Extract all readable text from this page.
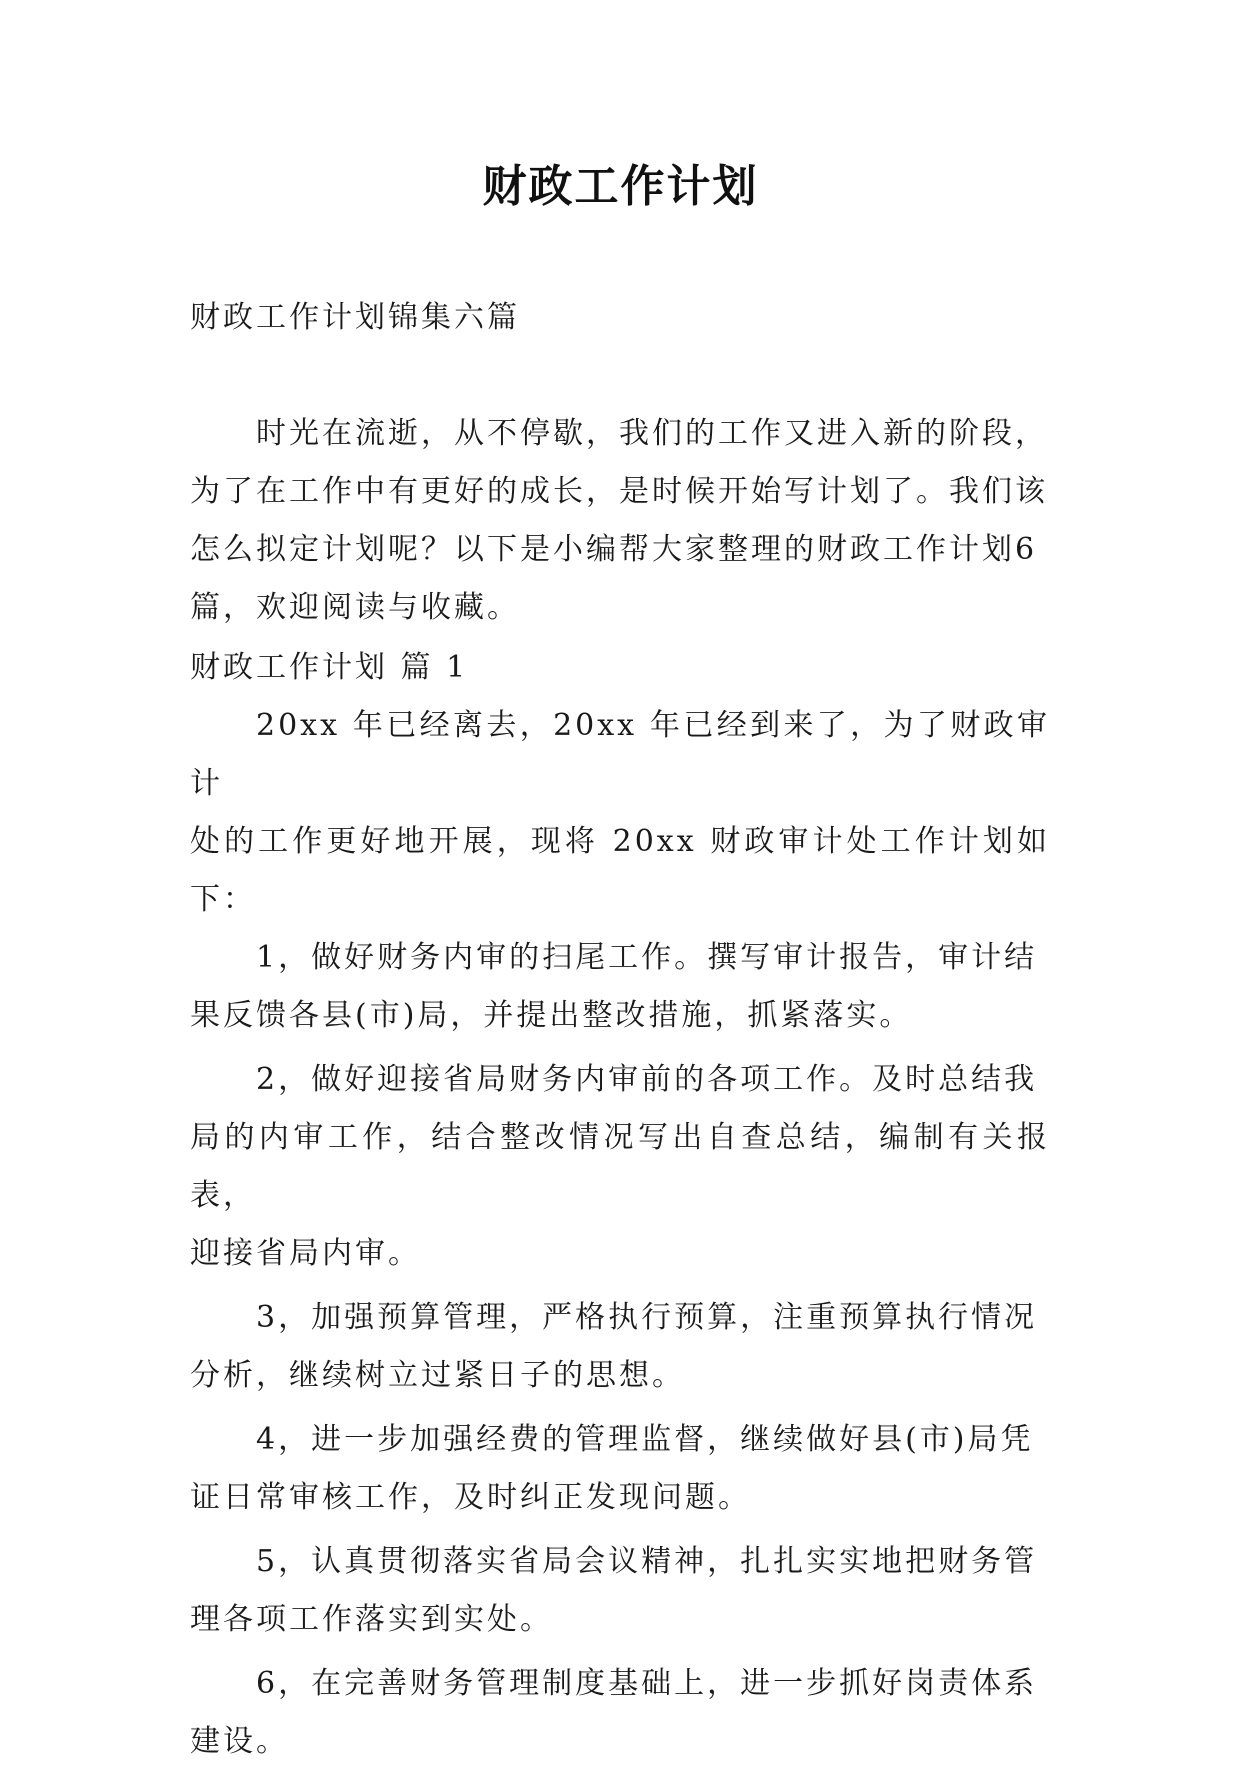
财政工作计划
财政工作计划锦集六篇

时光在流逝，从不停歇，我们的工作又进入新的阶段，
为了在工作中有更好的成长，是时候开始写计划了。我们该
怎么拟定计划呢？以下是小编帮大家整理的财政工作计划6
篇，欢迎阅读与收藏。

财政工作计划 篇 1

20xx 年已经离去，20xx 年已经到来了，为了财政审计
处的工作更好地开展，现将 20xx 财政审计处工作计划如下：

1，做好财务内审的扫尾工作。撰写审计报告，审计结
果反馈各县(市)局，并提出整改措施，抓紧落实。

2，做好迎接省局财务内审前的各项工作。及时总结我
局的内审工作，结合整改情况写出自查总结，编制有关报表，
迎接省局内审。

3，加强预算管理，严格执行预算，注重预算执行情况
分析，继续树立过紧日子的思想。

4，进一步加强经费的管理监督，继续做好县(市)局凭
证日常审核工作，及时纠正发现问题。

5，认真贯彻落实省局会议精神，扎扎实实地把财务管
理各项工作落实到实处。

6，在完善财务管理制度基础上，进一步抓好岗责体系
建设。
